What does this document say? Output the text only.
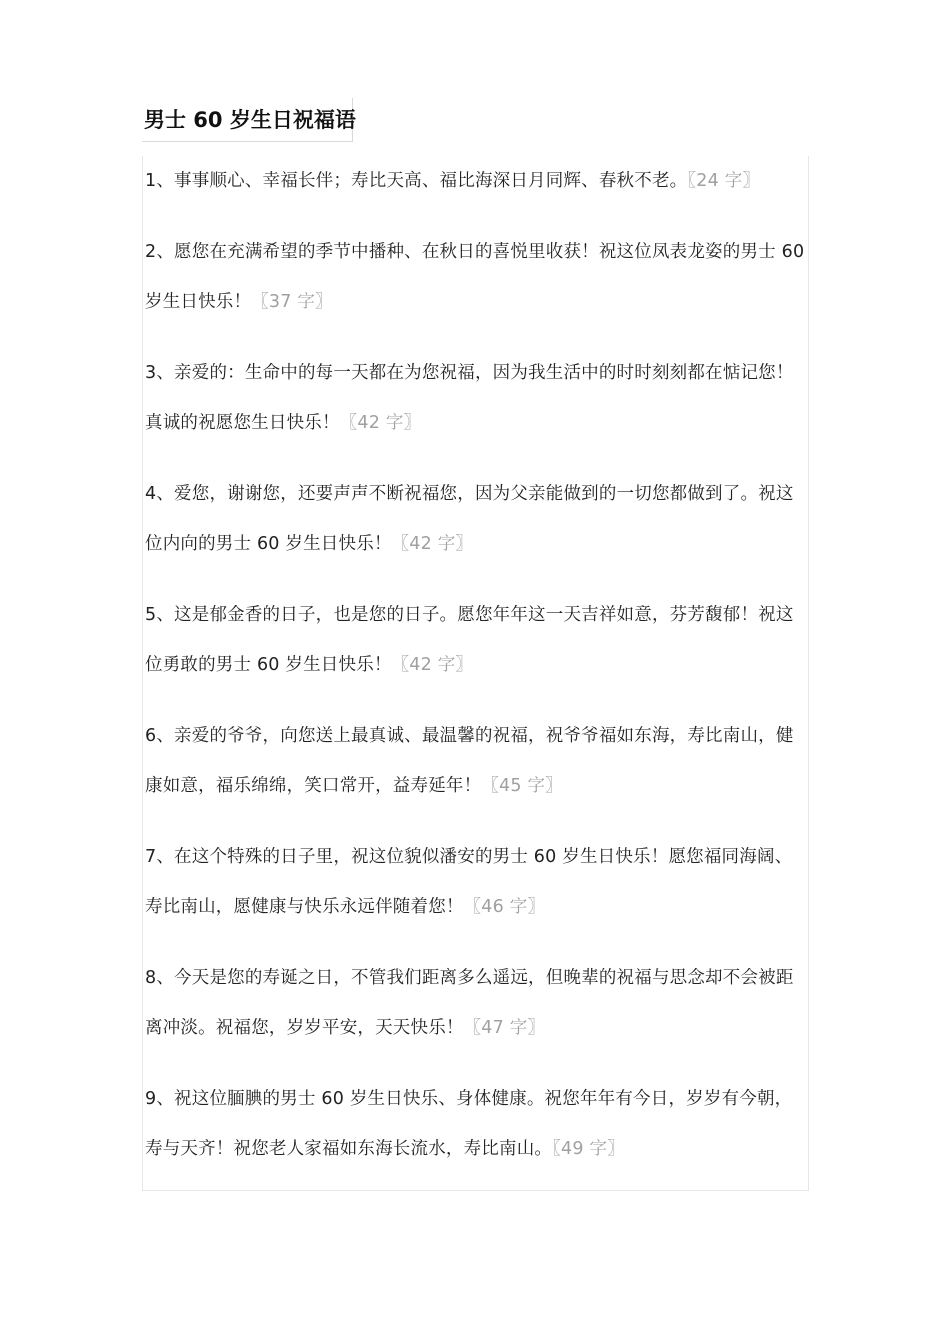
男士 60 岁生日祝福语
1、事事顺心、幸福长伴；寿比天高、福比海深日月同辉、春秋不老。〖24 字〗
2、愿您在充满希望的季节中播种、在秋日的喜悦里收获！祝这位凤表龙姿的男士 60 岁生日快乐！〖37 字〗
3、亲爱的：生命中的每一天都在为您祝福，因为我生活中的时时刻刻都在惦记您！真诚的祝愿您生日快乐！〖42 字〗
4、爱您，谢谢您，还要声声不断祝福您，因为父亲能做到的一切您都做到了。祝这位内向的男士 60 岁生日快乐！〖42 字〗
5、这是郁金香的日子，也是您的日子。愿您年年这一天吉祥如意，芬芳馥郁！祝这位勇敢的男士 60 岁生日快乐！〖42 字〗
6、亲爱的爷爷，向您送上最真诚、最温馨的祝福，祝爷爷福如东海，寿比南山，健康如意，福乐绵绵，笑口常开，益寿延年！〖45 字〗
7、在这个特殊的日子里，祝这位貌似潘安的男士 60 岁生日快乐！愿您福同海阔、寿比南山，愿健康与快乐永远伴随着您！〖46 字〗
8、今天是您的寿诞之日，不管我们距离多么遥远，但晚辈的祝福与思念却不会被距离冲淡。祝福您，岁岁平安，天天快乐！〖47 字〗
9、祝这位腼腆的男士 60 岁生日快乐、身体健康。祝您年年有今日，岁岁有今朝，寿与天齐！祝您老人家福如东海长流水，寿比南山。〖49 字〗
